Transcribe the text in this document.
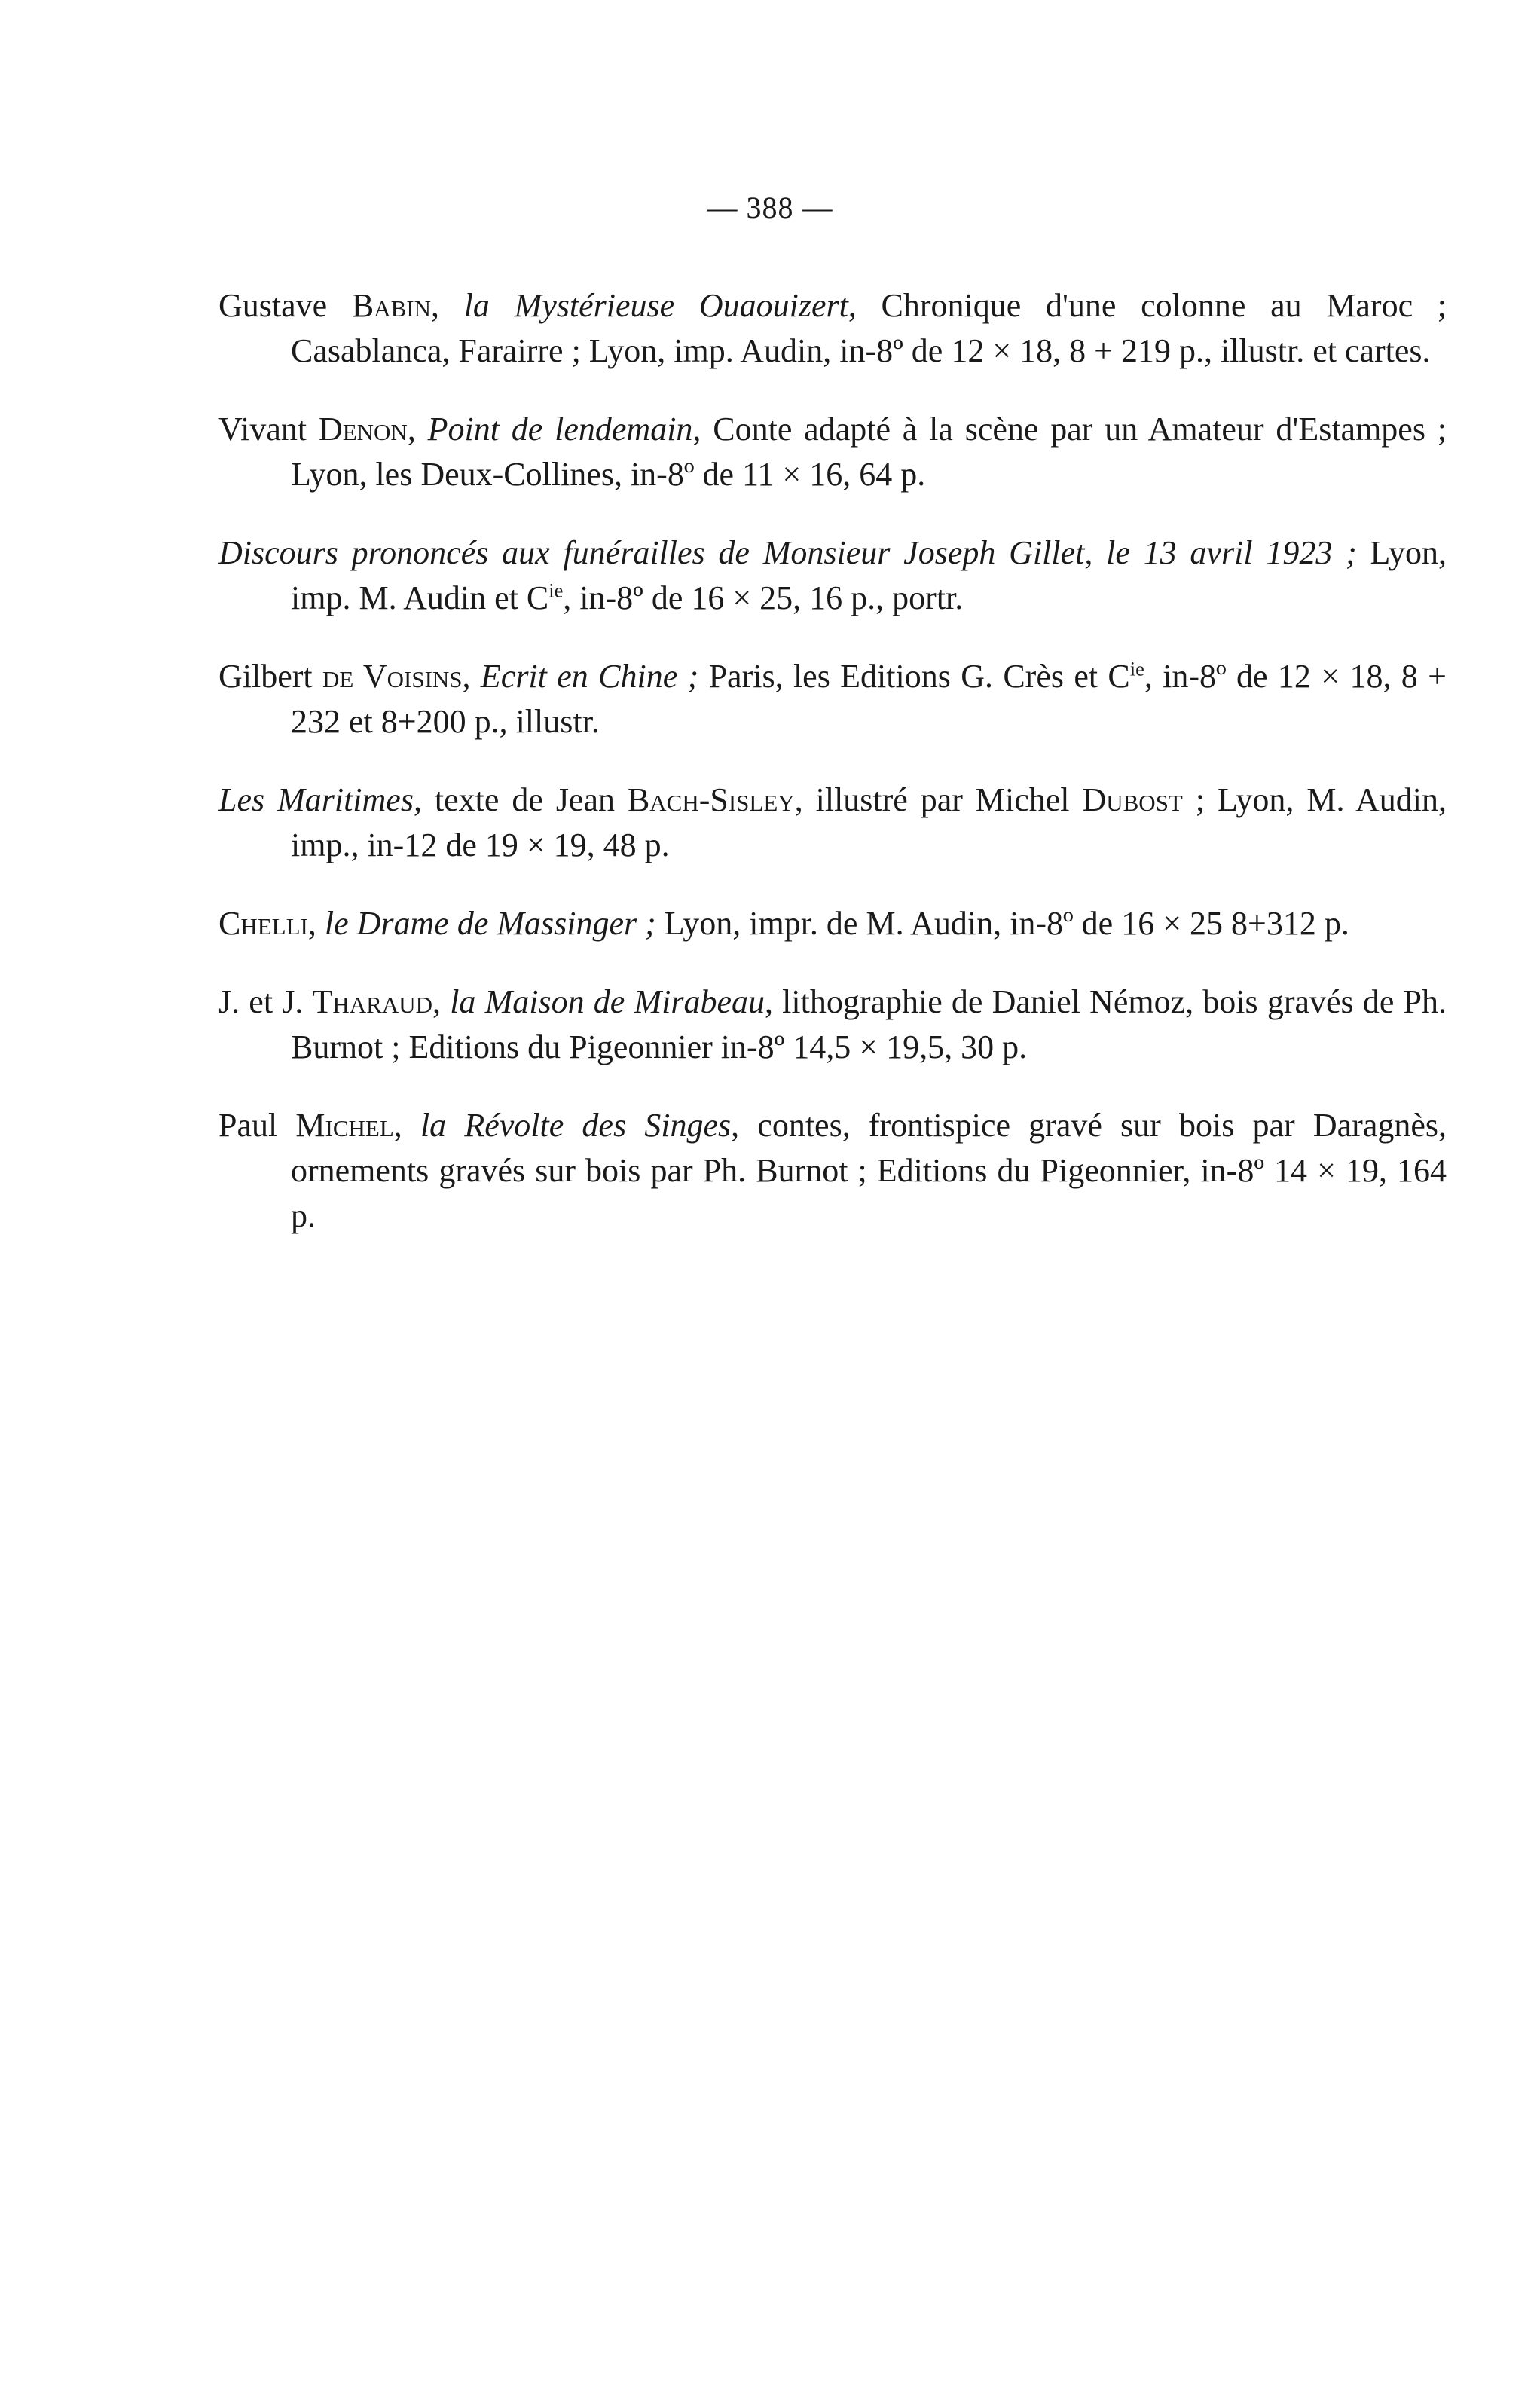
— 388 —

Gustave Babin, la Mystérieuse Ouaouizert, Chronique d'une colonne au Maroc ; Casablanca, Farairre ; Lyon, imp. Audin, in-8º de 12 × 18, 8 + 219 p., illustr. et cartes.

Vivant Denon, Point de lendemain, Conte adapté à la scène par un Amateur d'Estampes ; Lyon, les Deux-Collines, in-8º de 11 × 16, 64 p.

Discours prononcés aux funérailles de Monsieur Joseph Gillet, le 13 avril 1923 ; Lyon, imp. M. Audin et $C^{ie}$, in-8º de 16 × 25, 16 p., portr.

Gilbert de Voisins, Ecrit en Chine ; Paris, les Editions G. Crès et $C^{ie}$, in-8º de 12 × 18, 8 + 232 et 8+200 p., illustr.

Les Maritimes, texte de Jean Bach-Sisley, illustré par Michel Dubost ; Lyon, M. Audin, imp., in-12 de 19 × 19, 48 p.

Chelli, le Drame de Massinger ; Lyon, impr. de M. Audin, in-8º de 16 × 25 8+312 p.

J. et J. Tharaud, la Maison de Mirabeau, lithographie de Daniel Némoz, bois gravés de Ph. Burnot ; Editions du Pigeonnier in-8º 14,5 × 19,5, 30 p.

Paul Michel, la Révolte des Singes, contes, frontispice gravé sur bois par Daragnès, ornements gravés sur bois par Ph. Burnot ; Editions du Pigeonnier, in-8º 14 × 19, 164 p.
